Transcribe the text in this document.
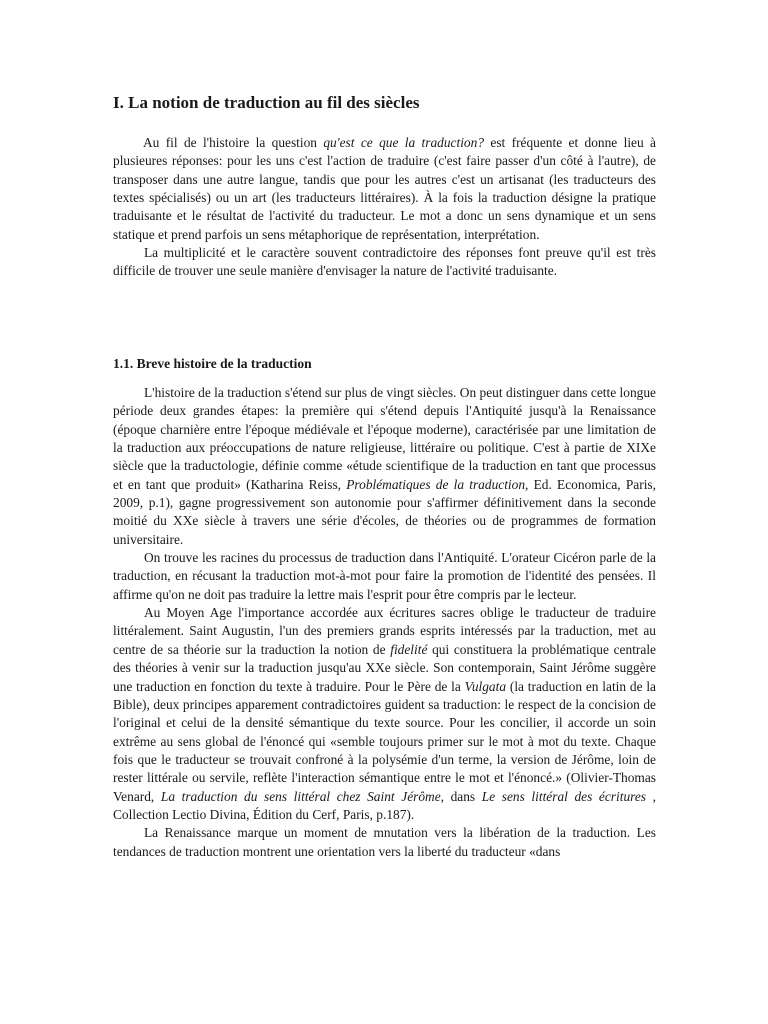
I. La notion de traduction au fil des siècles

Au fil de l'histoire la question qu'est ce que la traduction? est fréquente et donne lieu à plusieures réponses: pour les uns c'est l'action de traduire (c'est faire passer d'un côté à l'autre), de transposer dans une autre langue, tandis que pour les autres c'est un artisanat (les traducteurs des textes spécialisés) ou un art (les traducteurs littéraires). À la fois la traduction désigne la pratique traduisante et le résultat de l'activité du traducteur. Le mot a donc un sens dynamique et un sens statique et prend parfois un sens métaphorique de représentation, interprétation.

La multiplicité et le caractère souvent contradictoire des réponses font preuve qu'il est très difficile de trouver une seule manière d'envisager la nature de l'activité traduisante.

1.1. Breve histoire de la traduction

L'histoire de la traduction s'étend sur plus de vingt siècles. On peut distinguer dans cette longue période deux grandes étapes: la première qui s'étend depuis l'Antiquité jusqu'à la Renaissance (époque charnière entre l'époque médiévale et l'époque moderne), caractérisée par une limitation de la traduction aux préoccupations de nature religieuse, littéraire ou politique. C'est à partie de XIXe siècle que la traductologie, définie comme «étude scientifique de la traduction en tant que processus et en tant que produit» (Katharina Reiss, Problématiques de la traduction, Ed. Economica, Paris, 2009, p.1), gagne progressivement son autonomie pour s'affirmer définitivement dans la seconde moitié du XXe siècle à travers une série d'écoles, de théories ou de programmes de formation universitaire.

On trouve les racines du processus de traduction dans l'Antiquité. L'orateur Cicéron parle de la traduction, en récusant la traduction mot-à-mot pour faire la promotion de l'identité des pensées. Il affirme qu'on ne doit pas traduire la lettre mais l'esprit pour être compris par le lecteur.

Au Moyen Age l'importance accordée aux écritures sacres oblige le traducteur de traduire littéralement. Saint Augustin, l'un des premiers grands esprits intéressés par la traduction, met au centre de sa théorie sur la traduction la notion de fidelité qui constituera la problématique centrale des théories à venir sur la traduction jusqu'au XXe siècle. Son contemporain, Saint Jérôme suggère une traduction en fonction du texte à traduire. Pour le Père de la Vulgata (la traduction en latin de la Bible), deux principes apparement contradictoires guident sa traduction: le respect de la concision de l'original et celui de la densité sémantique du texte source. Pour les concilier, il accorde un soin extrême au sens global de l'énoncé qui «semble toujours primer sur le mot à mot du texte. Chaque fois que le traducteur se trouvait confroné à la polysémie d'un terme, la version de Jérôme, loin de rester littérale ou servile, reflète l'interaction sémantique entre le mot et l'énoncé.» (Olivier-Thomas Venard, La traduction du sens littéral chez Saint Jérôme, dans Le sens littéral des écritures , Collection Lectio Divina, Édition du Cerf, Paris, p.187).

La Renaissance marque un moment de mnutation vers la libération de la traduction. Les tendances de traduction montrent une orientation vers la liberté du traducteur «dans
